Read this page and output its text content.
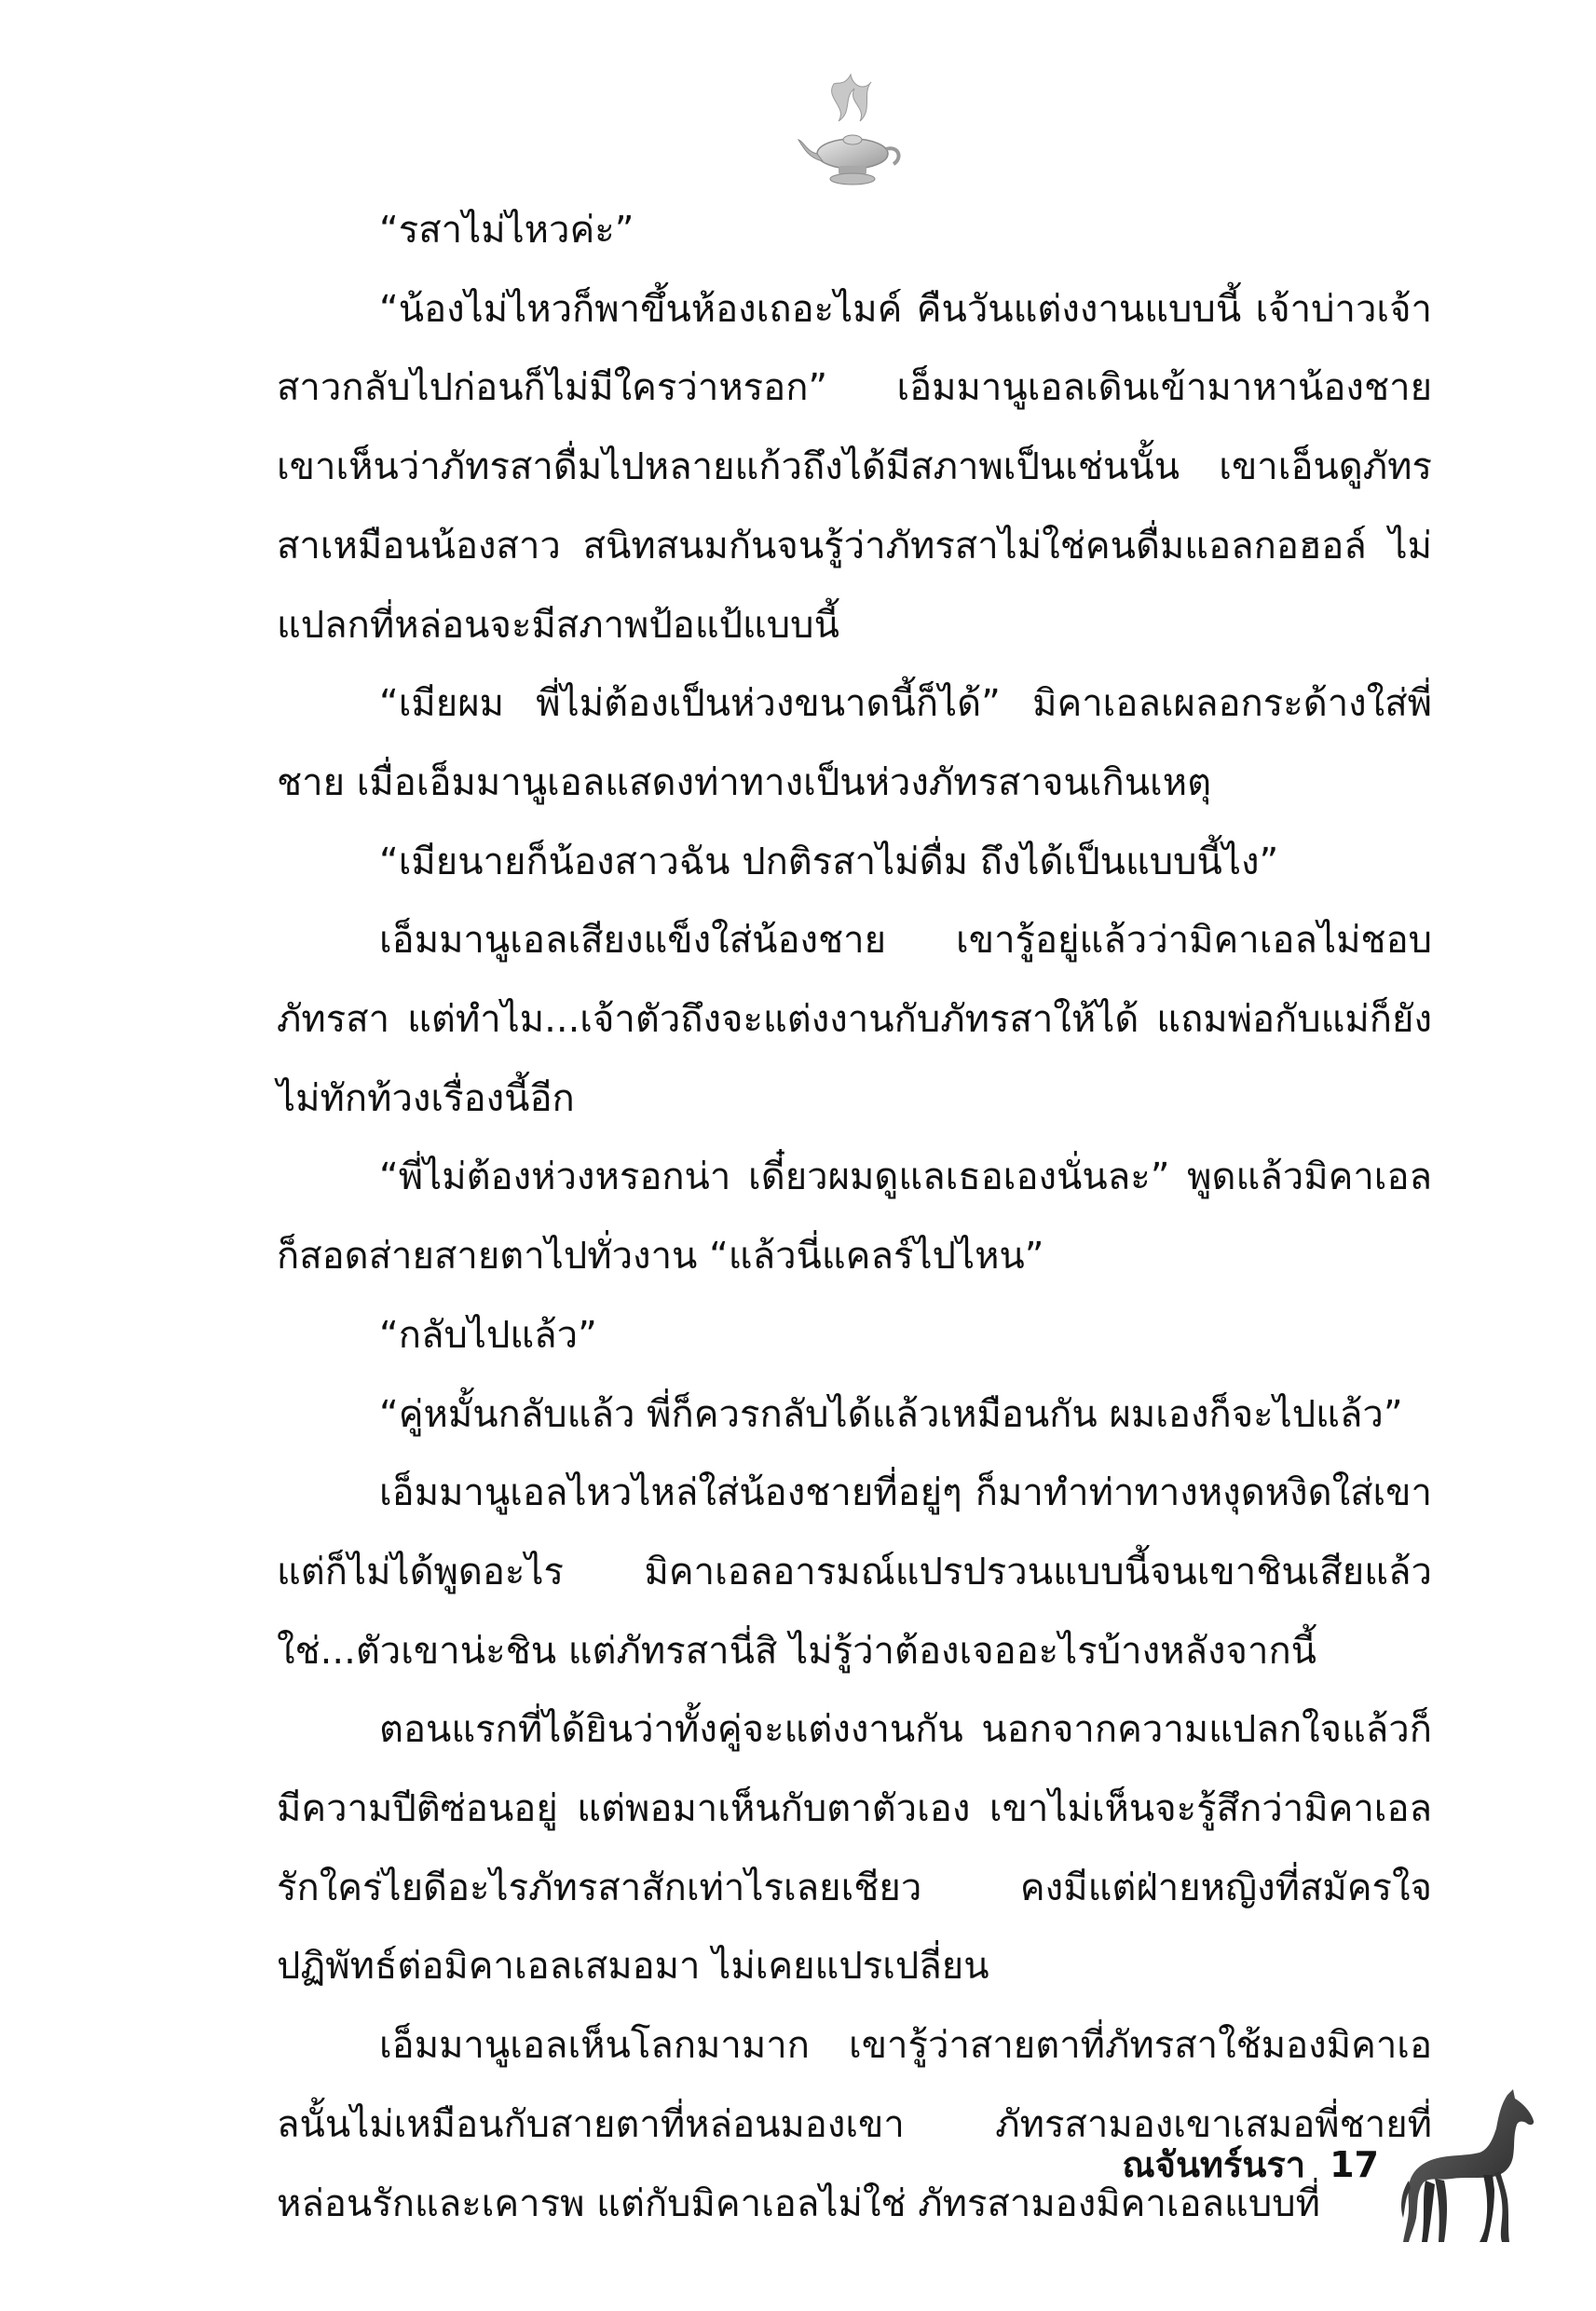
“รสาไม่ไหวค่ะ”

“น้องไม่ไหวก็พาขึ้นห้องเถอะไมค์ คืนวันแต่งงานแบบนี้ เจ้าบ่าวเจ้าสาวกลับไปก่อนก็ไม่มีใครว่าหรอก” เอ็มมานูเอลเดินเข้ามาหาน้องชาย เขาเห็นว่าภัทรสาดื่มไปหลายแก้วถึงได้มีสภาพเป็นเช่นนั้น เขาเอ็นดูภัทรสาเหมือนน้องสาว สนิทสนมกันจนรู้ว่าภัทรสาไม่ใช่คนดื่มแอลกอฮอล์ ไม่แปลกที่หล่อนจะมีสภาพป้อแป้แบบนี้

“เมียผม พี่ไม่ต้องเป็นห่วงขนาดนี้ก็ได้” มิคาเอลเผลอกระด้างใส่พี่ชาย เมื่อเอ็มมานูเอลแสดงท่าทางเป็นห่วงภัทรสาจนเกินเหตุ

“เมียนายก็น้องสาวฉัน ปกติรสาไม่ดื่ม ถึงได้เป็นแบบนี้ไง”

เอ็มมานูเอลเสียงแข็งใส่น้องชาย เขารู้อยู่แล้วว่ามิคาเอลไม่ชอบภัทรสา แต่ทำไม...เจ้าตัวถึงจะแต่งงานกับภัทรสาให้ได้ แถมพ่อกับแม่ก็ยังไม่ทักท้วงเรื่องนี้อีก

“พี่ไม่ต้องห่วงหรอกน่า เดี๋ยวผมดูแลเธอเองนั่นละ” พูดแล้วมิคาเอลก็สอดส่ายสายตาไปทั่วงาน “แล้วนี่แคลร์ไปไหน”

“กลับไปแล้ว”

“คู่หมั้นกลับแล้ว พี่ก็ควรกลับได้แล้วเหมือนกัน ผมเองก็จะไปแล้ว”

เอ็มมานูเอลไหวไหล่ใส่น้องชายที่อยู่ๆ ก็มาทำท่าทางหงุดหงิดใส่เขา แต่ก็ไม่ได้พูดอะไร มิคาเอลอารมณ์แปรปรวนแบบนี้จนเขาชินเสียแล้ว ใช่...ตัวเขาน่ะชิน แต่ภัทรสานี่สิ ไม่รู้ว่าต้องเจออะไรบ้างหลังจากนี้

ตอนแรกที่ได้ยินว่าทั้งคู่จะแต่งงานกัน นอกจากความแปลกใจแล้วก็มีความปีติซ่อนอยู่ แต่พอมาเห็นกับตาตัวเอง เขาไม่เห็นจะรู้สึกว่ามิคาเอลรักใคร่ไยดีอะไรภัทรสาสักเท่าไรเลยเชียว คงมีแต่ฝ่ายหญิงที่สมัครใจปฏิพัทธ์ต่อมิคาเอลเสมอมา ไม่เคยแปรเปลี่ยน

เอ็มมานูเอลเห็นโลกมามาก เขารู้ว่าสายตาที่ภัทรสาใช้มองมิคาเอลนั้นไม่เหมือนกับสายตาที่หล่อนมองเขา ภัทรสามองเขาเสมอพี่ชายที่หล่อนรักและเคารพ แต่กับมิคาเอลไม่ใช่ ภัทรสามองมิคาเอลแบบที่

ณจันทร์นรา 17
